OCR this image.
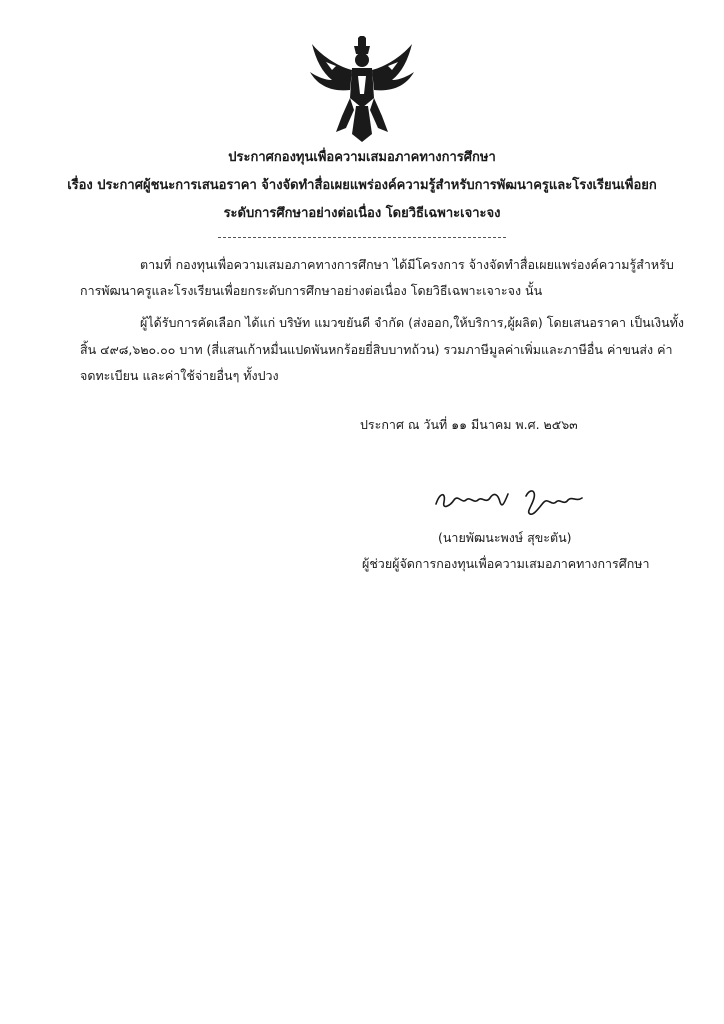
ประกาศกองทุนเพื่อความเสมอภาคทางการศึกษา
เรื่อง ประกาศผู้ชนะการเสนอราคา จ้างจัดทำสื่อเผยแพร่องค์ความรู้สำหรับการพัฒนาครูและโรงเรียนเพื่อยก
ระดับการศึกษาอย่างต่อเนื่อง โดยวิธีเฉพาะเจาะจง
ตามที่ กองทุนเพื่อความเสมอภาคทางการศึกษา ได้มีโครงการ จ้างจัดทำสื่อเผยแพร่องค์ความรู้สำหรับ
การพัฒนาครูและโรงเรียนเพื่อยกระดับการศึกษาอย่างต่อเนื่อง โดยวิธีเฉพาะเจาะจง นั้น
ผู้ได้รับการคัดเลือก ได้แก่ บริษัท แมวขยันดี จำกัด (ส่งออก,ให้บริการ,ผู้ผลิต) โดยเสนอราคา เป็นเงินทั้ง
สิ้น ๔๙๘,๖๒๐.๐๐ บาท (สี่แสนเก้าหมื่นแปดพันหกร้อยยี่สิบบาทถ้วน) รวมภาษีมูลค่าเพิ่มและภาษีอื่น ค่าขนส่ง ค่า
จดทะเบียน และค่าใช้จ่ายอื่นๆ ทั้งปวง
ประกาศ ณ วันที่ ๑๑ มีนาคม พ.ศ. ๒๕๖๓
(นายพัฒนะพงษ์ สุขะตัน)
ผู้ช่วยผู้จัดการกองทุนเพื่อความเสมอภาคทางการศึกษา
